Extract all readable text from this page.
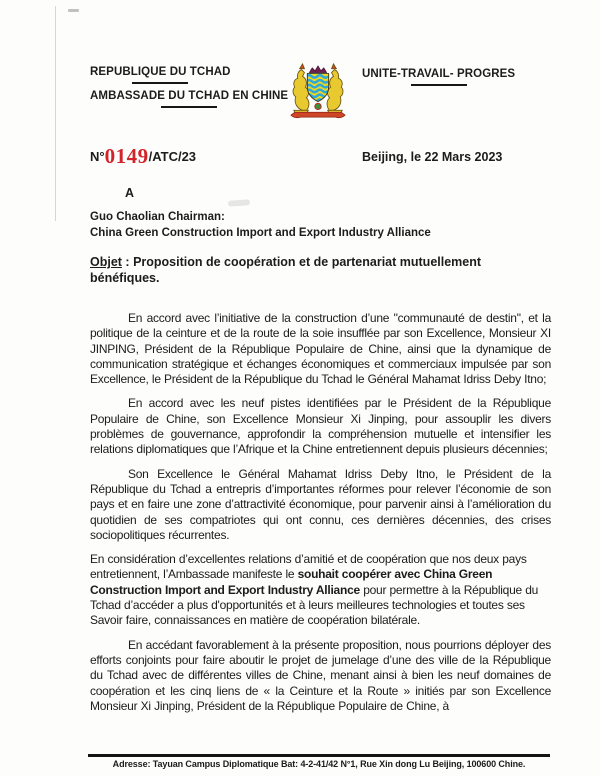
REPUBLIQUE DU TCHAD
AMBASSADE DU TCHAD EN CHINE
UNITE-TRAVAIL- PROGRES
N°0149/ATC/23	Beijing, le 22 Mars 2023
A
Guo Chaolian Chairman:
China Green Construction Import and Export Industry Alliance
Objet : Proposition de coopération et de partenariat mutuellement bénéfiques.

En accord avec l’initiative de la construction d’une "communauté de destin", et la politique de la ceinture et de la route de la soie insufflée par son Excellence, Monsieur XI JINPING, Président de la République Populaire de Chine, ainsi que la dynamique de communication stratégique et échanges économiques et commerciaux impulsée par son Excellence, le Président de la République du Tchad le Général Mahamat Idriss Deby Itno;

En accord avec les neuf pistes identifiées par le Président de la République Populaire de Chine, son Excellence Monsieur Xi Jinping, pour assouplir les divers problèmes de gouvernance, approfondir la compréhension mutuelle et intensifier les relations diplomatiques que l’Afrique et la Chine entretiennent depuis plusieurs décennies;

Son Excellence le Général Mahamat Idriss Deby Itno, le Président de la République du Tchad a entrepris d’importantes réformes pour relever l’économie de son pays et en faire une zone d’attractivité économique, pour parvenir ainsi à l’amélioration du quotidien de ses compatriotes qui ont connu, ces dernières décennies, des crises sociopolitiques récurrentes.

En considération d’excellentes relations d’amitié et de coopération que nos deux pays entretiennent, l’Ambassade manifeste le souhait coopérer avec China Green Construction Import and Export Industry Alliance pour permettre à la République du Tchad d’accéder a plus d'opportunités et à leurs meilleures technologies et toutes ses Savoir faire, connaissances en matière de coopération bilatérale.

En accédant favorablement à la présente proposition, nous pourrions déployer des efforts conjoints pour faire aboutir le projet de jumelage d’une des ville de la République du Tchad avec de différentes villes de Chine, menant ainsi à bien les neuf domaines de coopération et les cinq liens de « la Ceinture et la Route » initiés par son Excellence Monsieur Xi Jinping, Président de la République Populaire de Chine, à

Adresse: Tayuan Campus Diplomatique Bat: 4-2-41/42 N°1, Rue Xin dong Lu Beijing, 100600 Chine.
